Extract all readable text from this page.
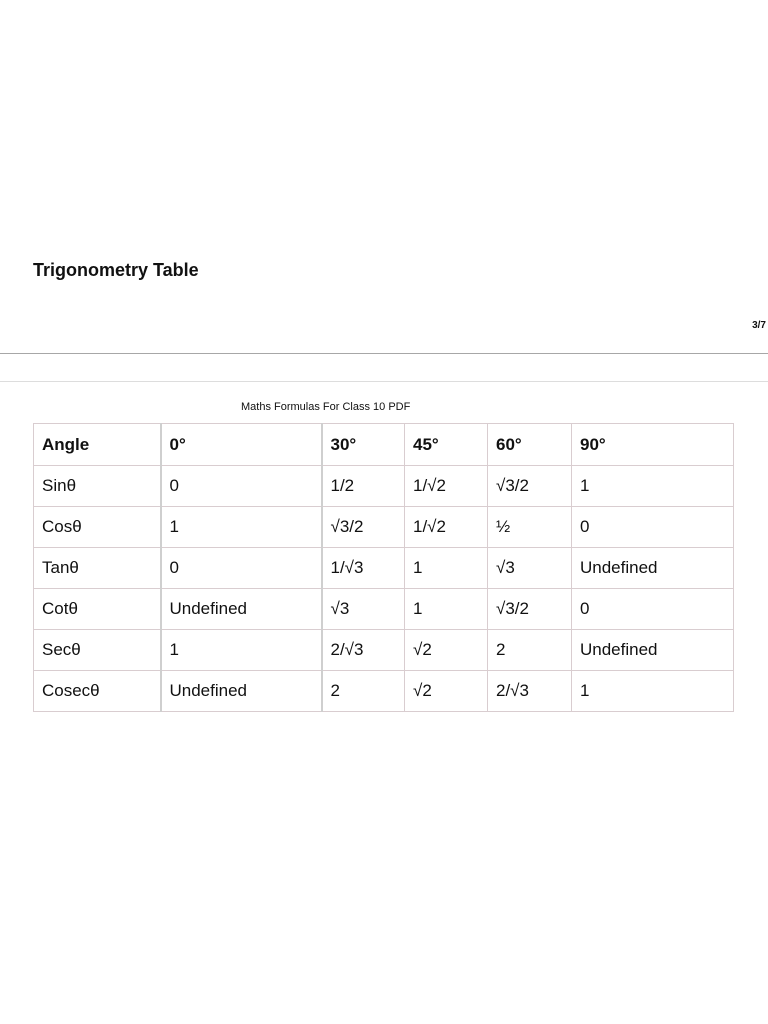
Trigonometry Table
3/7
Maths Formulas For Class 10 PDF
Angle	0°	30°	45°	60°	90°
Sinθ	0	1/2	1/√2	√3/2	1
Cosθ	1	√3/2	1/√2	½	0
Tanθ	0	1/√3	1	√3	Undefined
Cotθ	Undefined	√3	1	√3/2	0
Secθ	1	2/√3	√2	2	Undefined
Cosecθ	Undefined	2	√2	2/√3	1
